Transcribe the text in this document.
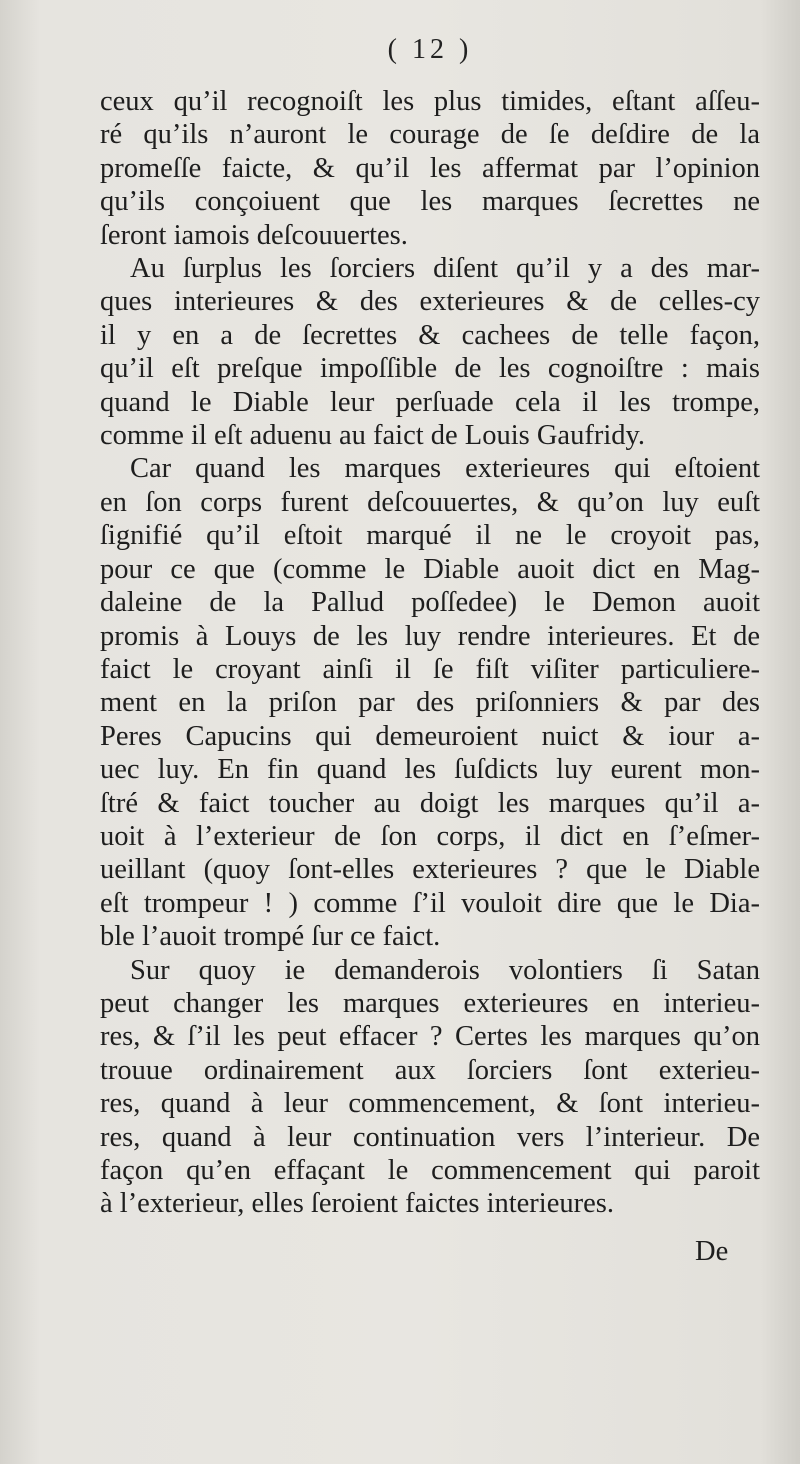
( 12 )
ceux qu’il recognoiſt les plus timides, eſtant aſſeu-
ré qu’ils n’auront le courage de ſe deſdire de la
promeſſe faicte, & qu’il les affermat par l’opinion
qu’ils conçoiuent que les marques ſecrettes ne
ſeront iamois deſcouuertes.
Au ſurplus les ſorciers diſent qu’il y a des mar-
ques interieures & des exterieures & de celles-cy
il y en a de ſecrettes & cachees de telle façon,
qu’il eſt preſque impoſſible de les cognoiſtre : mais
quand le Diable leur perſuade cela il les trompe,
comme il eſt aduenu au faict de Louis Gaufridy.
Car quand les marques exterieures qui eſtoient
en ſon corps furent deſcouuertes, & qu’on luy euſt
ſignifié qu’il eſtoit marqué il ne le croyoit pas,
pour ce que (comme le Diable auoit dict en Mag-
daleine de la Pallud poſſedee) le Demon auoit
promis à Louys de les luy rendre interieures. Et de
faict le croyant ainſi il ſe fiſt viſiter particuliere-
ment en la priſon par des priſonniers & par des
Peres Capucins qui demeuroient nuict & iour a-
uec luy. En fin quand les ſuſdicts luy eurent mon-
ſtré & faict toucher au doigt les marques qu’il a-
uoit à l’exterieur de ſon corps, il dict en ſ’eſmer-
ueillant (quoy ſont-elles exterieures ? que le Diable
eſt trompeur ! ) comme ſ’il vouloit dire que le Dia-
ble l’auoit trompé ſur ce faict.
Sur quoy ie demanderois volontiers ſi Satan
peut changer les marques exterieures en interieu-
res, & ſ’il les peut effacer ? Certes les marques qu’on
trouue ordinairement aux ſorciers ſont exterieu-
res, quand à leur commencement, & ſont interieu-
res, quand à leur continuation vers l’interieur. De
façon qu’en effaçant le commencement qui paroit
à l’exterieur, elles ſeroient faictes interieures.
De
